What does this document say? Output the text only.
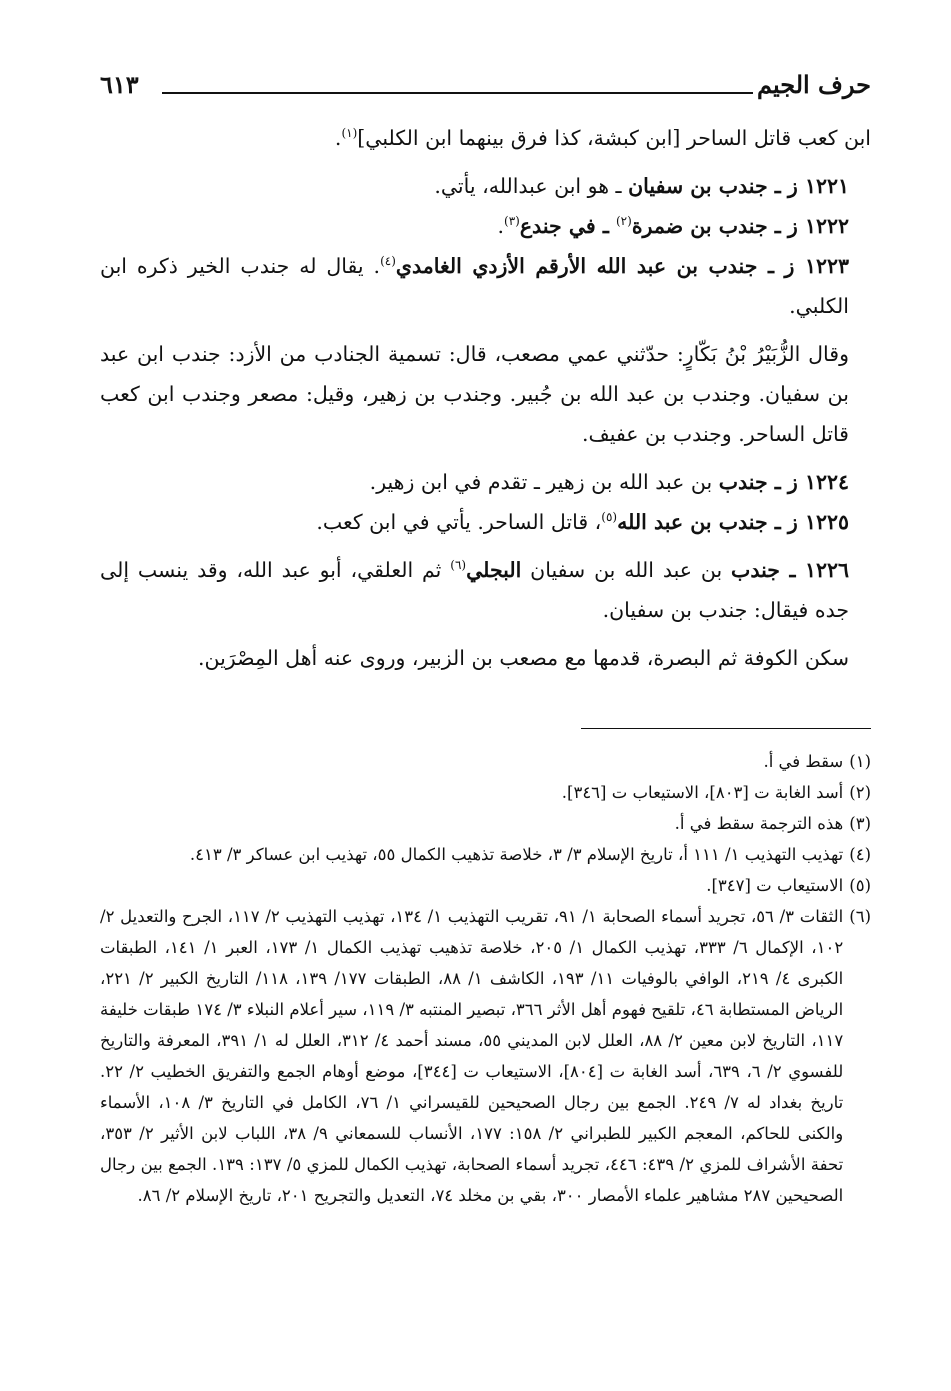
حرف الجيم
٦١٣

ابن كعب قاتل الساحر [ابن كبشة، كذا فرق بينهما ابن الكلبي]$^{(١)}$.

١٢٢١ ز ـ جندب بن سفيان ـ هو ابن عبدالله، يأتي.

١٢٢٢ ز ـ جندب بن ضمرة$^{(٢)}$ ـ في جندع$^{(٣)}$.

١٢٢٣ ز ـ جندب بن عبد الله الأرقم الأزدي الغامدي$^{(٤)}$. يقال له جندب الخير ذكره ابن الكلبي.

وقال الزُّبَيْرُ بْنُ بَكّارٍ: حدّثني عمي مصعب، قال: تسمية الجنادب من الأزد: جندب ابن عبد بن سفيان. وجندب بن عبد الله بن جُبير. وجندب بن زهير، وقيل: مصعر وجندب ابن كعب قاتل الساحر. وجندب بن عفيف.

١٢٢٤ ز ـ جندب بن عبد الله بن زهير ـ تقدم في ابن زهير.

١٢٢٥ ز ـ جندب بن عبد الله$^{(٥)}$، قاتل الساحر. يأتي في ابن كعب.

١٢٢٦ ـ جندب بن عبد الله بن سفيان البجلي$^{(٦)}$ ثم العلقي، أبو عبد الله، وقد ينسب إلى جده فيقال: جندب بن سفيان.

سكن الكوفة ثم البصرة، قدمها مع مصعب بن الزبير، وروى عنه أهل المِصْرَين.

(١)
سقط في أ.
(٢)
أسد الغابة ت [٨٠٣]، الاستيعاب ت [٣٤٦].
(٣)
هذه الترجمة سقط في أ.
(٤)
تهذيب التهذيب ١/ ١١١ أ، تاريخ الإسلام ٣/ ٣، خلاصة تذهيب الكمال ٥٥، تهذيب ابن عساكر ٣/ ٤١٣.
(٥)
الاستيعاب ت [٣٤٧].
(٦)
الثقات ٣/ ٥٦، تجريد أسماء الصحابة ١/ ٩١، تقريب التهذيب ١/ ١٣٤، تهذيب التهذيب ٢/ ١١٧، الجرح والتعديل ٢/ ١٠٢، الإكمال ٦/ ٣٣٣، تهذيب الكمال ١/ ٢٠٥، خلاصة تذهيب تهذيب الكمال ١/ ١٧٣، العبر ١/ ١٤١، الطبقات الكبرى ٤/ ٢١٩، الوافي بالوفيات ١١/ ١٩٣، الكاشف ١/ ٨٨، الطبقات ١٧٧/ ١٣٩، ١١٨/ التاريخ الكبير ٢/ ٢٢١، الرياض المستطابة ٤٦، تلقيح فهوم أهل الأثر ٣٦٦، تبصير المنتبه ٣/ ١١٩، سير أعلام النبلاء ٣/ ١٧٤ طبقات خليفة ١١٧، التاريخ لابن معين ٢/ ٨٨، العلل لابن المديني ٥٥، مسند أحمد ٤/ ٣١٢، العلل له ١/ ٣٩١، المعرفة والتاريخ للفسوي ٢/ ٦، ٦٣٩، أسد الغابة ت [٨٠٤]، الاستيعاب ت [٣٤٤]، موضع أوهام الجمع والتفريق الخطيب ٢/ ٢٢. تاريخ بغداد له ٧/ ٢٤٩. الجمع بين رجال الصحيحين للقيسراني ١/ ٧٦، الكامل في التاريخ ٣/ ١٠٨، الأسماء والكنى للحاكم، المعجم الكبير للطبراني ٢/ ١٥٨: ١٧٧، الأنساب للسمعاني ٩/ ٣٨، اللباب لابن الأثير ٢/ ٣٥٣، تحفة الأشراف للمزي ٢/ ٤٣٩: ٤٤٦، تجريد أسماء الصحابة، تهذيب الكمال للمزي ٥/ ١٣٧: ١٣٩. الجمع بين رجال الصحيحين ٢٨٧ مشاهير علماء الأمصار ٣٠٠، بقي بن مخلد ٧٤، التعديل والتجريح ٢٠١، تاريخ الإسلام ٢/ ٨٦.
